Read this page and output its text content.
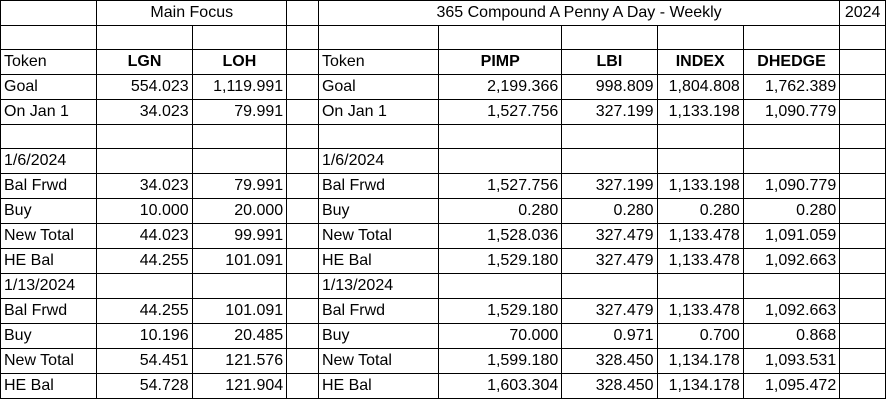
	Main Focus			365 Compound A Penny A Day - Weekly					2024

Token	LGN	LOH		Token	PIMP	LBI	INDEX	DHEDGE	
Goal	554.023	1,119.991		Goal	2,199.366	998.809	1,804.808	1,762.389	
On Jan 1	34.023	79.991		On Jan 1	1,527.756	327.199	1,133.198	1,090.779	

1/6/2024				1/6/2024					
Bal Frwd	34.023	79.991		Bal Frwd	1,527.756	327.199	1,133.198	1,090.779	
Buy	10.000	20.000		Buy	0.280	0.280	0.280	0.280	
New Total	44.023	99.991		New Total	1,528.036	327.479	1,133.478	1,091.059	
HE Bal	44.255	101.091		HE Bal	1,529.180	327.479	1,133.478	1,092.663	
1/13/2024				1/13/2024					
Bal Frwd	44.255	101.091		Bal Frwd	1,529.180	327.479	1,133.478	1,092.663	
Buy	10.196	20.485		Buy	70.000	0.971	0.700	0.868	
New Total	54.451	121.576		New Total	1,599.180	328.450	1,134.178	1,093.531	
HE Bal	54.728	121.904		HE Bal	1,603.304	328.450	1,134.178	1,095.472	
